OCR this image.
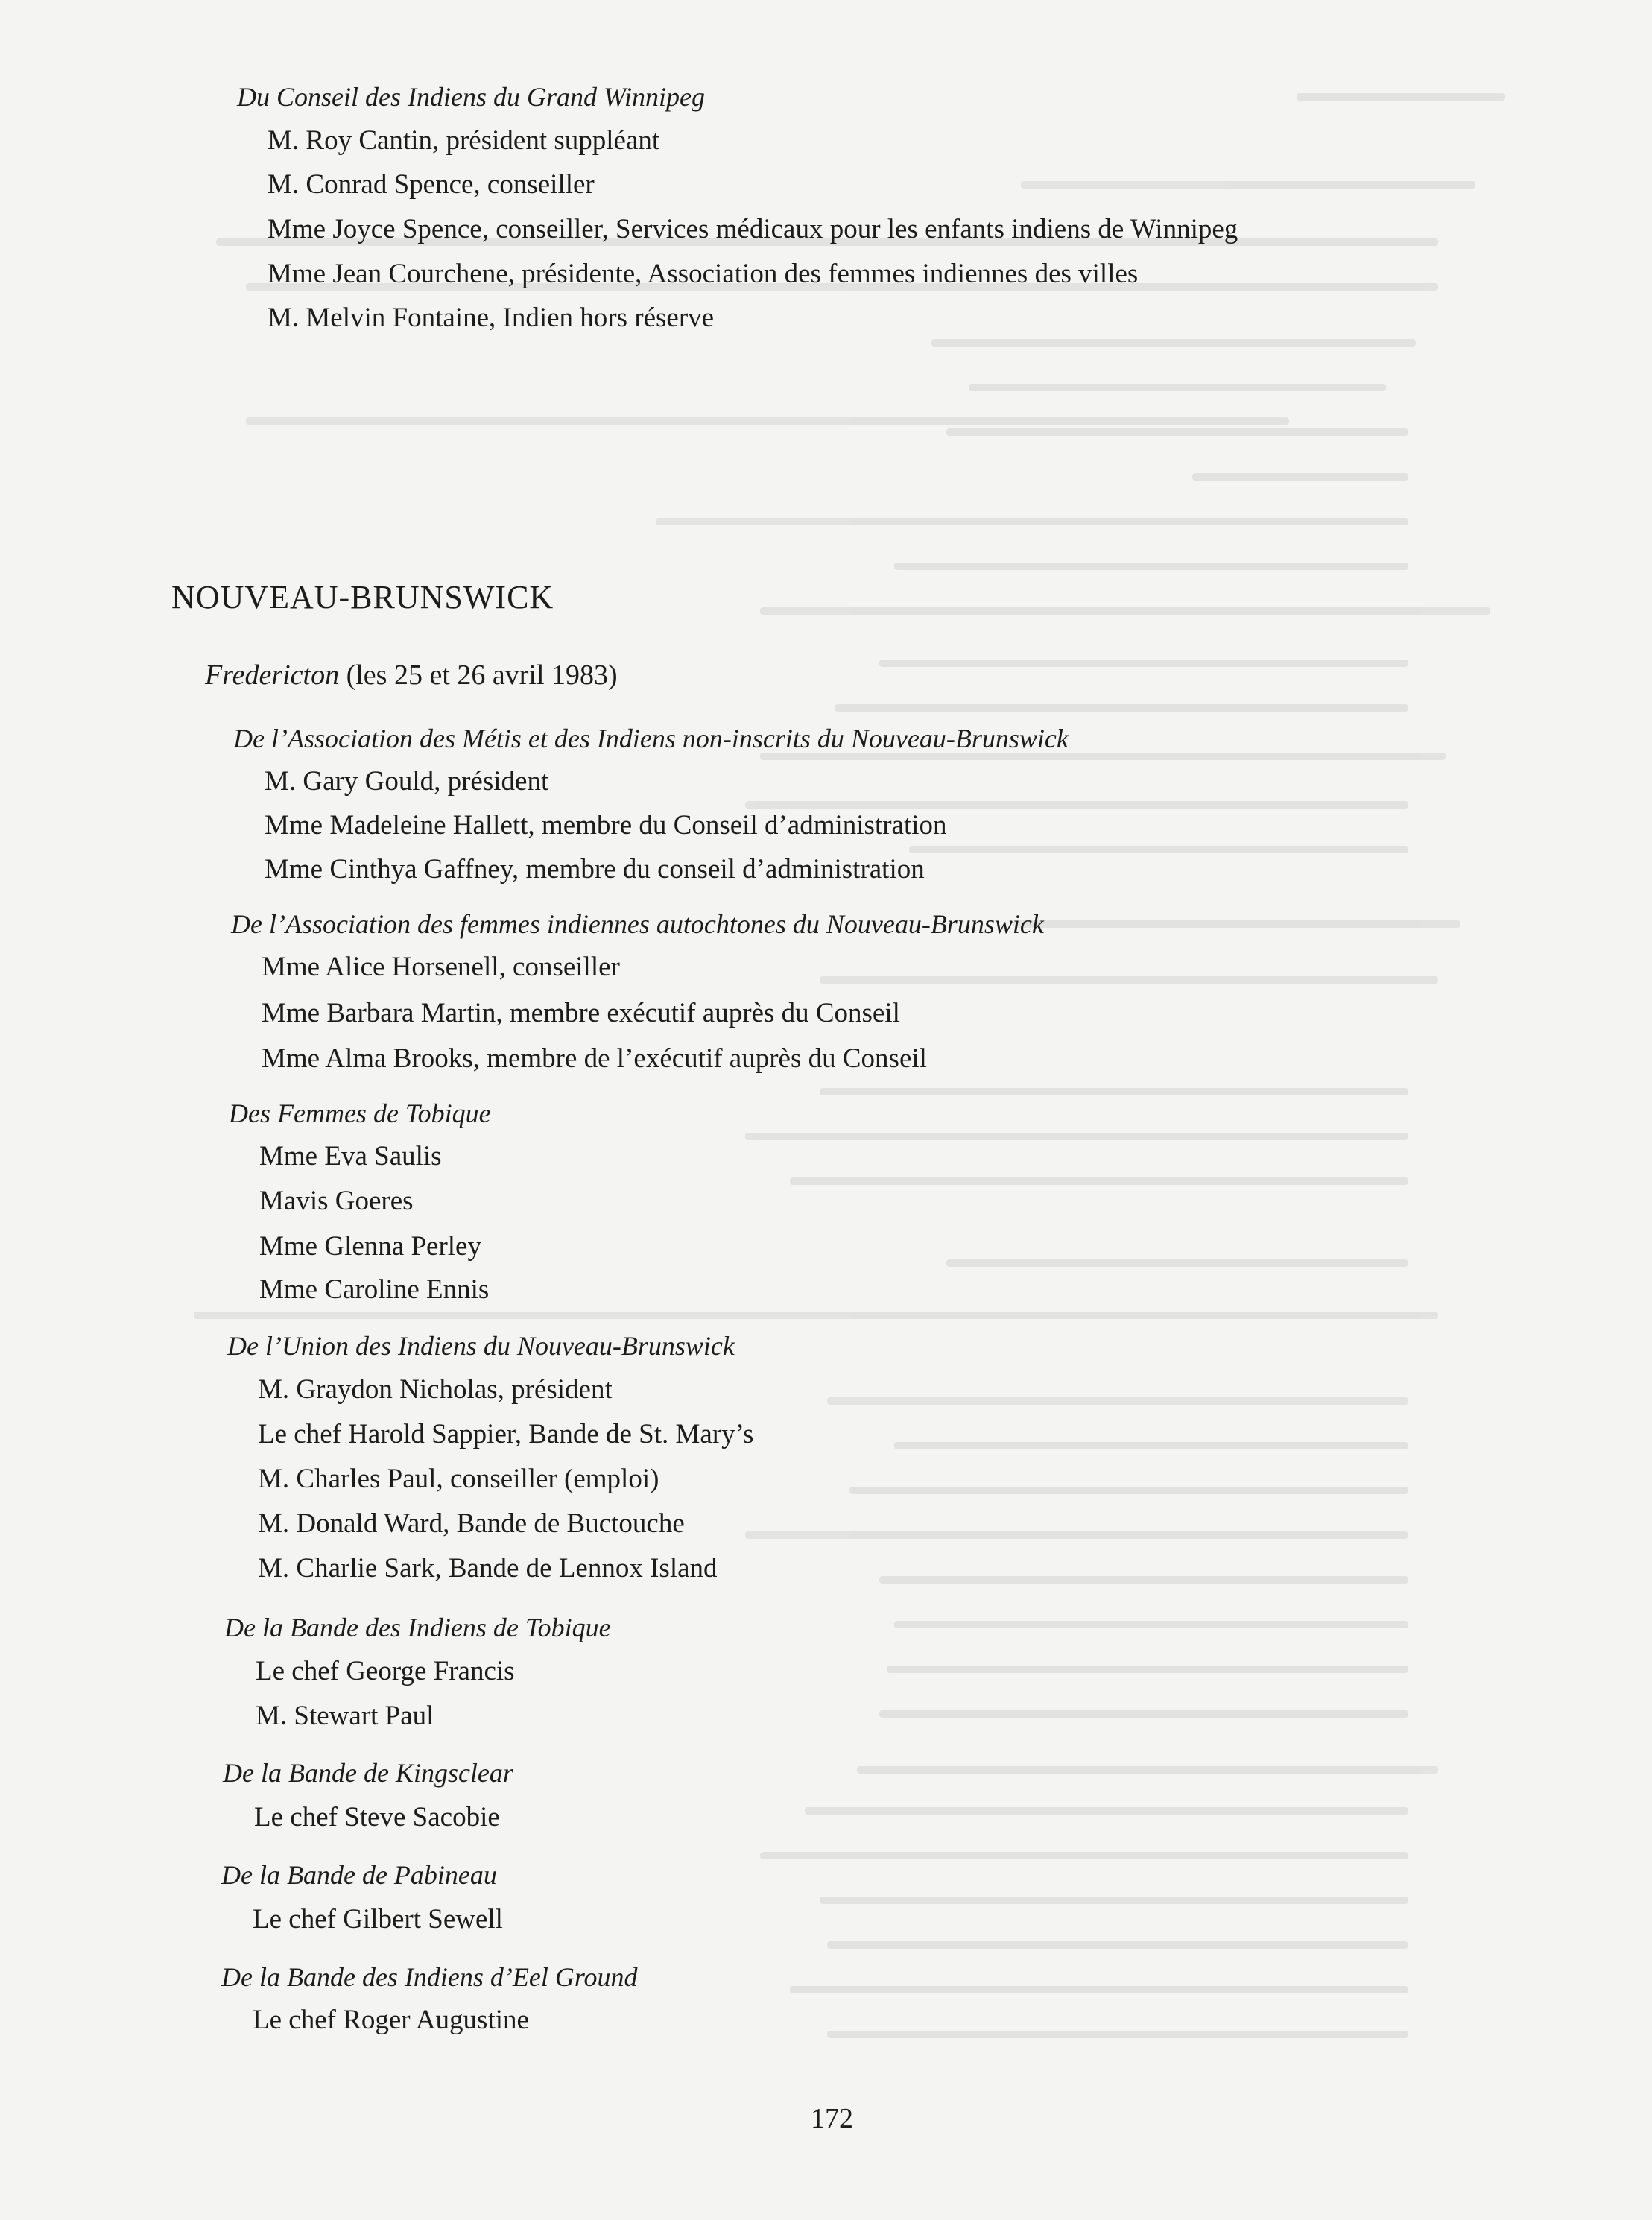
Du Conseil des Indiens du Grand Winnipeg
M. Roy Cantin, président suppléant
M. Conrad Spence, conseiller
Mme Joyce Spence, conseiller, Services médicaux pour les enfants indiens de Winnipeg
Mme Jean Courchene, présidente, Association des femmes indiennes des villes
M. Melvin Fontaine, Indien hors réserve
NOUVEAU-BRUNSWICK
Fredericton (les 25 et 26 avril 1983)
De l’Association des Métis et des Indiens non-inscrits du Nouveau-Brunswick
M. Gary Gould, président
Mme Madeleine Hallett, membre du Conseil d’administration
Mme Cinthya Gaffney, membre du conseil d’administration
De l’Association des femmes indiennes autochtones du Nouveau-Brunswick
Mme Alice Horsenell, conseiller
Mme Barbara Martin, membre exécutif auprès du Conseil
Mme Alma Brooks, membre de l’exécutif auprès du Conseil
Des Femmes de Tobique
Mme Eva Saulis
Mavis Goeres
Mme Glenna Perley
Mme Caroline Ennis
De l’Union des Indiens du Nouveau-Brunswick
M. Graydon Nicholas, président
Le chef Harold Sappier, Bande de St. Mary’s
M. Charles Paul, conseiller (emploi)
M. Donald Ward, Bande de Buctouche
M. Charlie Sark, Bande de Lennox Island
De la Bande des Indiens de Tobique
Le chef George Francis
M. Stewart Paul
De la Bande de Kingsclear
Le chef Steve Sacobie
De la Bande de Pabineau
Le chef Gilbert Sewell
De la Bande des Indiens d’Eel Ground
Le chef Roger Augustine
172
